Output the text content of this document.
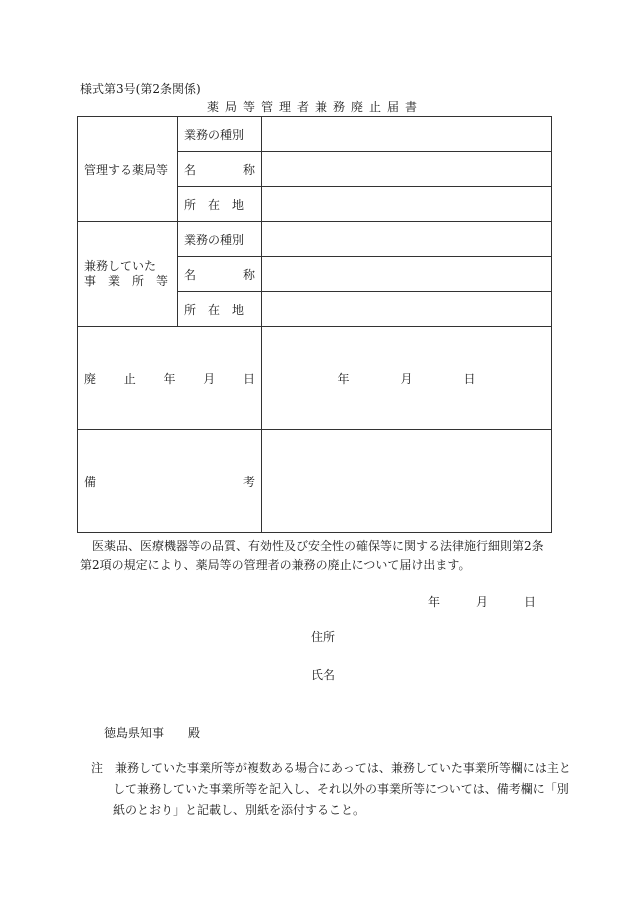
様式第3号(第2条関係)
薬局等管理者兼務廃止届書
管理する薬局等	業務の種別	

	名 称	

	所　在　地	

兼務していた
事　業　所　等	業務の種別	

	名 称	

	所　在　地	

廃 止 年 月 日		年 月 日

備 考		

医薬品、医療機器等の品質、有効性及び安全性の確保等に関する法律施行細則第2条第2項の規定により、薬局等の管理者の兼務の廃止について届け出ます。
年	月	日
住所
氏名
徳島県知事　　殿
注　兼務していた事業所等が複数ある場合にあっては、兼務していた事業所等欄には主として兼務していた事業所等を記入し、それ以外の事業所等については、備考欄に「別紙のとおり」と記載し、別紙を添付すること。
